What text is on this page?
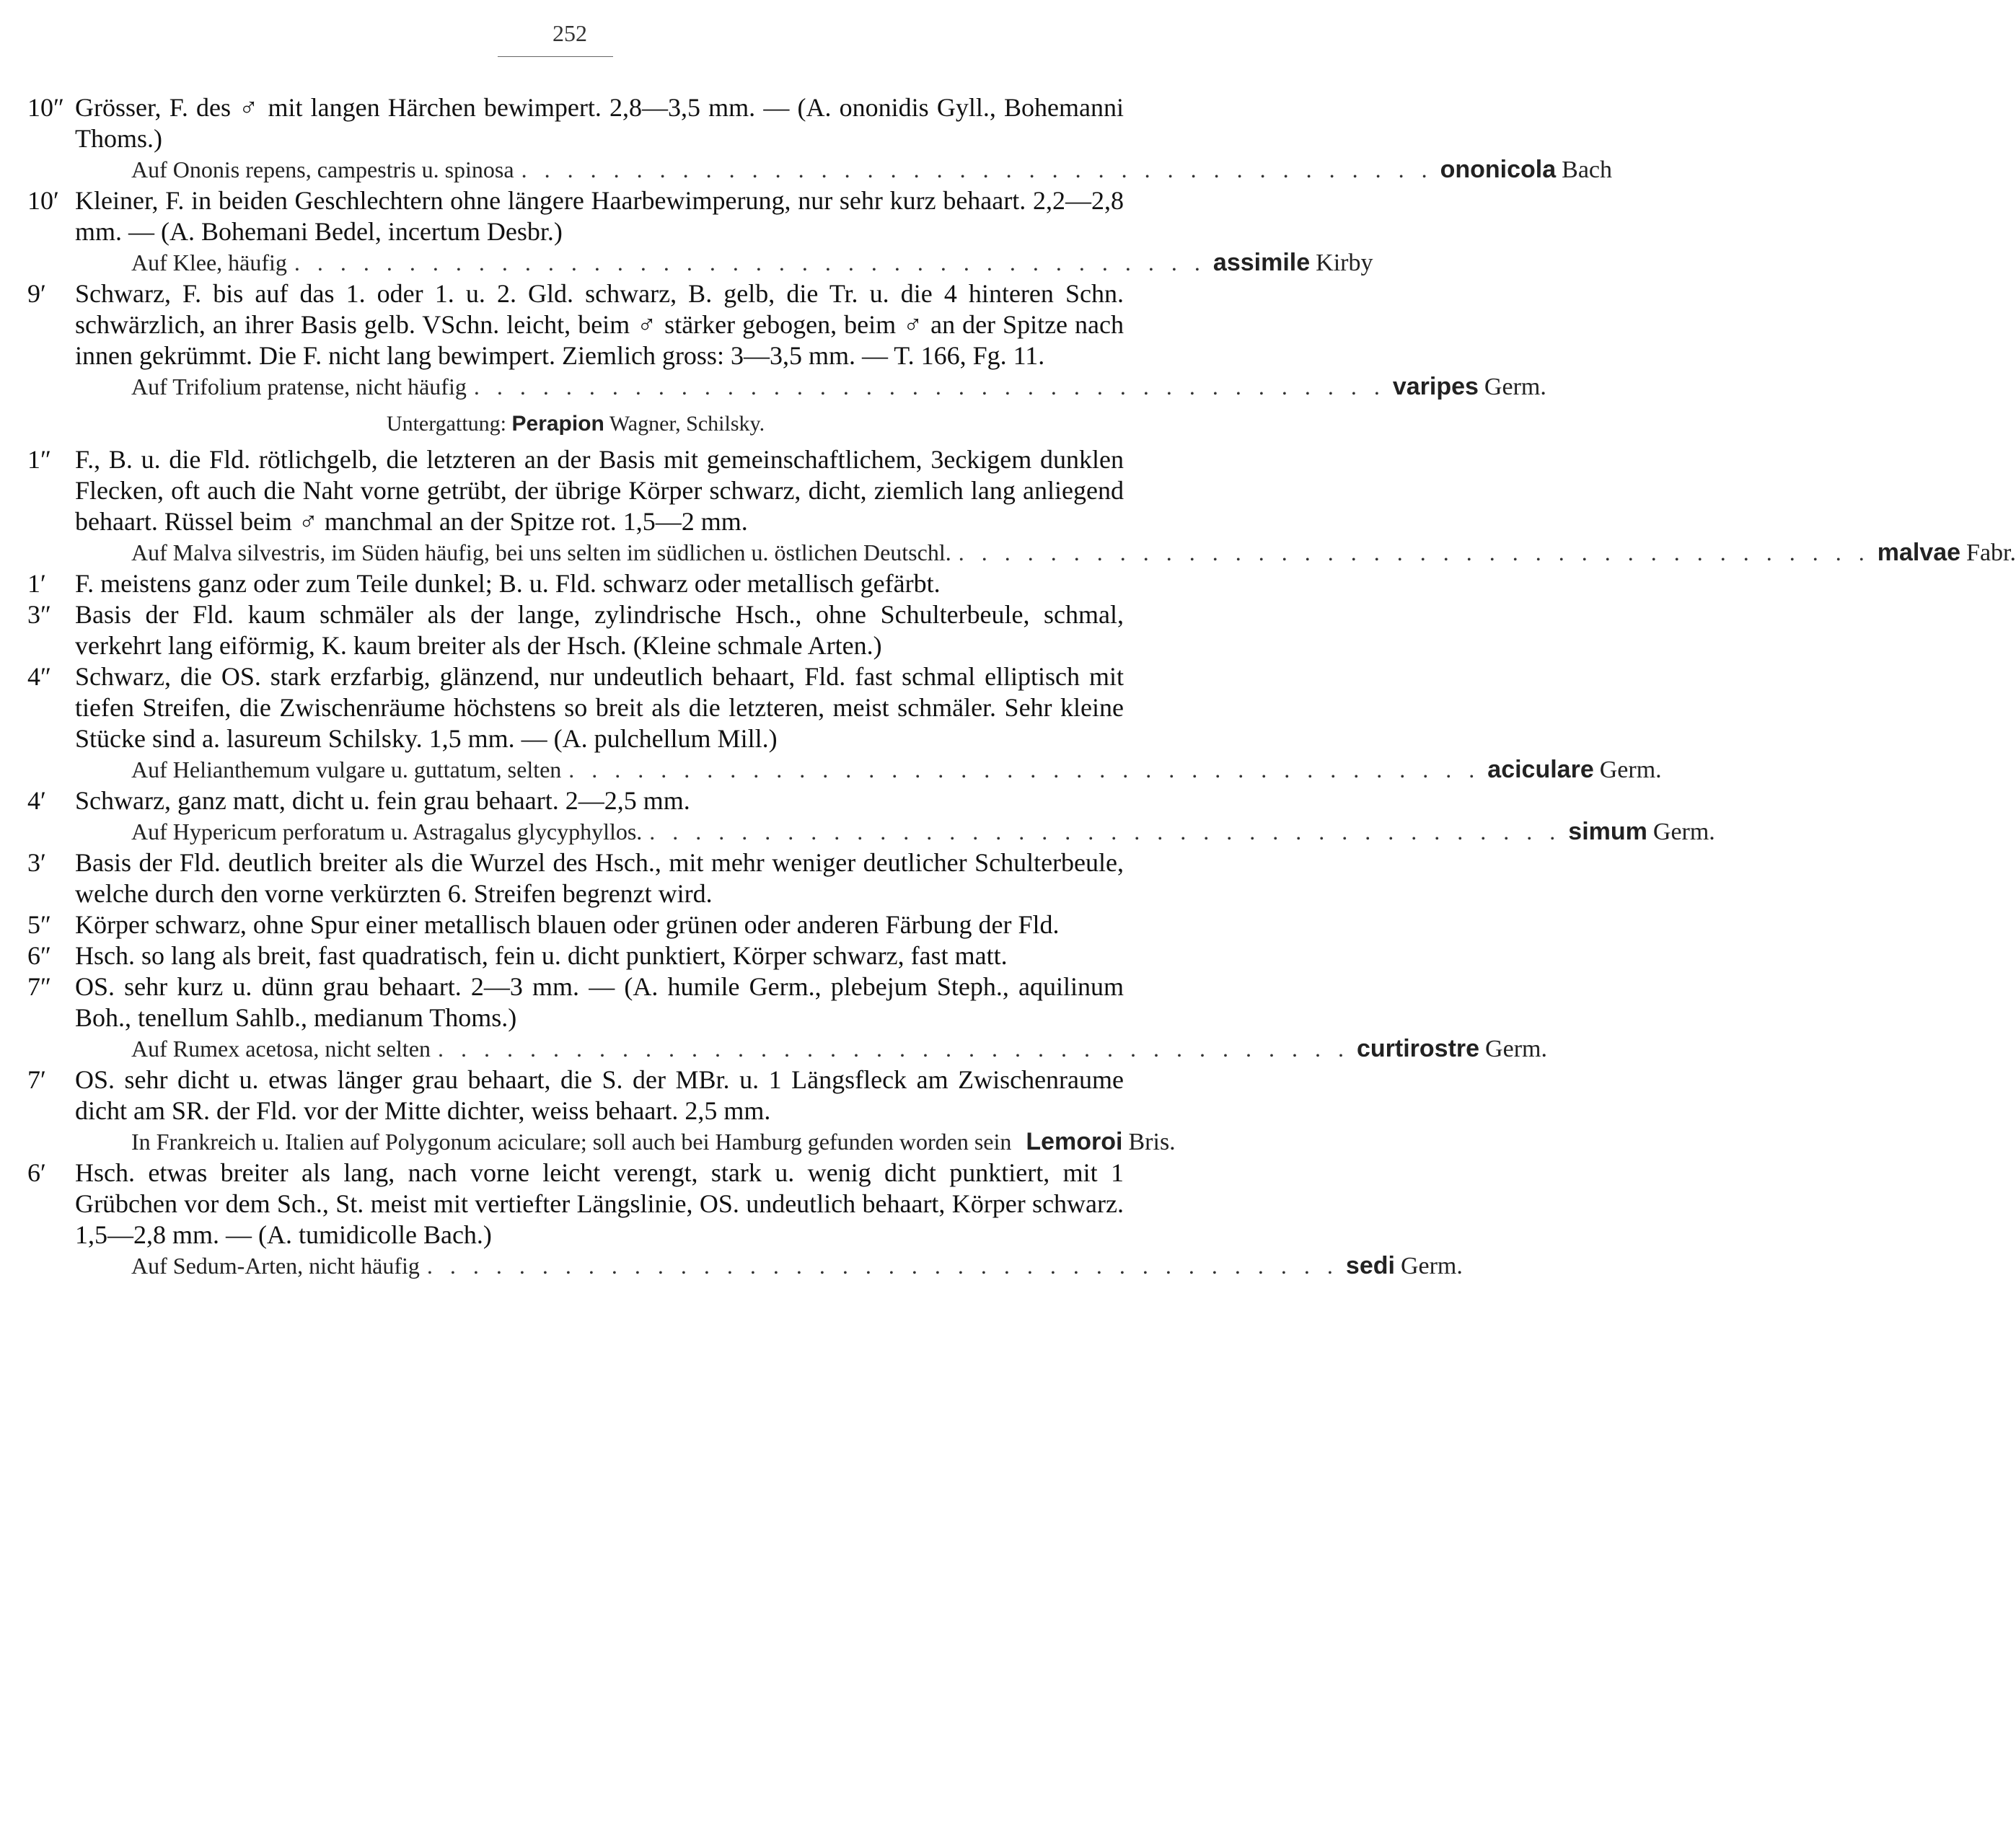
252
10″ Grösser, F. des ♂ mit langen Härchen bewimpert. 2,8—3,5 mm. — (A. ononidis Gyll., Bohemanni Thoms.)

Auf Ononis repens, campestris u. spinosa . . . . . . . . . . . . . . . . . . . . . . . . . . . . . . . . . . . . . . . . ononicola Bach
10′ Kleiner, F. in beiden Geschlechtern ohne längere Haarbewimperung, nur sehr kurz behaart. 2,2—2,8 mm. — (A. Bohemani Bedel, incertum Desbr.)

Auf Klee, häufig . . . . . . . . . . . . . . . . . . . . . . . . . . . . . . . . . . . . . . . . assimile Kirby
9′	Schwarz, F. bis auf das 1. oder 1. u. 2. Gld. schwarz, B. gelb, die Tr. u. die 4 hinteren Schn. schwärzlich, an ihrer Basis gelb. VSchn. leicht, beim ♂ stärker gebogen, beim ♂ an der Spitze nach innen gekrümmt. Die F. nicht lang bewimpert. Ziemlich gross: 3—3,5 mm. — T. 166, Fg. 11.

Auf Trifolium pratense, nicht häufig . . . . . . . . . . . . . . . . . . . . . . . . . . . . . . . . . . . . . . . . varipes Germ.
Untergattung: Perapion Wagner, Schilsky.
1″ F., B. u. die Fld. rötlichgelb, die letzteren an der Basis mit gemeinschaftlichem, 3eckigem dunklen Flecken, oft auch die Naht vorne getrübt, der übrige Körper schwarz, dicht, ziemlich lang anliegend behaart. Rüssel beim ♂ manchmal an der Spitze rot. 1,5—2 mm.

Auf Malva silvestris, im Süden häufig, bei uns selten im südlichen u. östlichen Deutschl. . . . . . . . . . . . . . . . . . . . . . . . . . . . . . . . . . . . . . . . . malvae Fabr.
1′	F. meistens ganz oder zum Teile dunkel; B. u. Fld. schwarz oder metallisch gefärbt.

3″ Basis der Fld. kaum schmäler als der lange, zylindrische Hsch., ohne Schulterbeule, schmal, verkehrt lang eiförmig, K. kaum breiter als der Hsch. (Kleine schmale Arten.)

4″ Schwarz, die OS. stark erzfarbig, glänzend, nur undeutlich behaart, Fld. fast schmal elliptisch mit tiefen Streifen, die Zwischenräume höchstens so breit als die letzteren, meist schmäler. Sehr kleine Stücke sind a. lasureum Schilsky. 1,5 mm. — (A. pulchellum Mill.)

Auf Helianthemum vulgare u. guttatum, selten . . . . . . . . . . . . . . . . . . . . . . . . . . . . . . . . . . . . . . . . aciculare Germ.
4′	Schwarz, ganz matt, dicht u. fein grau behaart. 2—2,5 mm.

Auf Hypericum perforatum u. Astragalus glycyphyllos. . . . . . . . . . . . . . . . . . . . . . . . . . . . . . . . . . . . . . . . . simum Germ.
3′	Basis der Fld. deutlich breiter als die Wurzel des Hsch., mit mehr weniger deutlicher Schulterbeule, welche durch den vorne verkürzten 6. Streifen begrenzt wird.

5″ Körper schwarz, ohne Spur einer metallisch blauen oder grünen oder anderen Färbung der Fld.

6″ Hsch. so lang als breit, fast quadratisch, fein u. dicht punktiert, Körper schwarz, fast matt.

7″ OS. sehr kurz u. dünn grau behaart. 2—3 mm. — (A. humile Germ., plebejum Steph., aquilinum Boh., tenellum Sahlb., medianum Thoms.)

Auf Rumex acetosa, nicht selten . . . . . . . . . . . . . . . . . . . . . . . . . . . . . . . . . . . . . . . . curtirostre Germ.
7′	OS. sehr dicht u. etwas länger grau behaart, die S. der MBr. u. 1 Längsfleck am Zwischenraume dicht am SR. der Fld. vor der Mitte dichter, weiss behaart. 2,5 mm.

In Frankreich u. Italien auf Polygonum aciculare; soll auch bei Hamburg gefunden worden sein Lemoroi Bris.
6′	Hsch. etwas breiter als lang, nach vorne leicht verengt, stark u. wenig dicht punktiert, mit 1 Grübchen vor dem Sch., St. meist mit vertiefter Längslinie, OS. undeutlich behaart, Körper schwarz. 1,5—2,8 mm. — (A. tumidicolle Bach.)

Auf Sedum-Arten, nicht häufig . . . . . . . . . . . . . . . . . . . . . . . . . . . . . . . . . . . . . . . . sedi Germ.
